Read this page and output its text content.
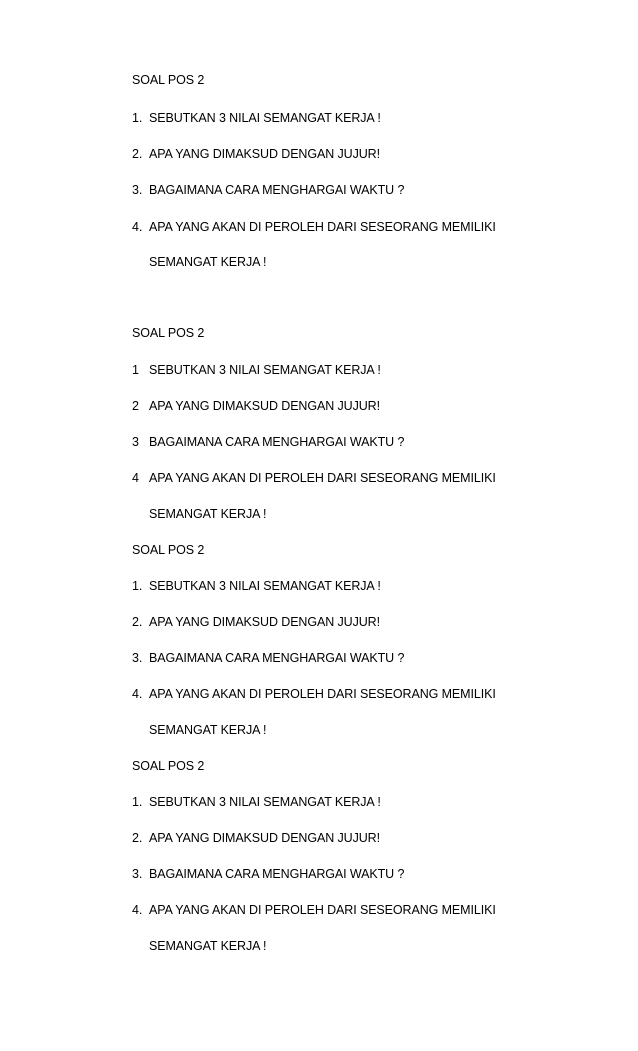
SOAL POS 2
1. SEBUTKAN 3 NILAI SEMANGAT KERJA !
2. APA YANG DIMAKSUD DENGAN JUJUR!
3. BAGAIMANA CARA MENGHARGAI WAKTU ?
4. APA YANG AKAN DI PEROLEH DARI SESEORANG MEMILIKI
SEMANGAT KERJA !
SOAL POS 2
1 SEBUTKAN 3 NILAI SEMANGAT KERJA !
2 APA YANG DIMAKSUD DENGAN JUJUR!
3 BAGAIMANA CARA MENGHARGAI WAKTU ?
4 APA YANG AKAN DI PEROLEH DARI SESEORANG MEMILIKI
SEMANGAT KERJA !
SOAL POS 2
1. SEBUTKAN 3 NILAI SEMANGAT KERJA !
2. APA YANG DIMAKSUD DENGAN JUJUR!
3. BAGAIMANA CARA MENGHARGAI WAKTU ?
4. APA YANG AKAN DI PEROLEH DARI SESEORANG MEMILIKI
SEMANGAT KERJA !
SOAL POS 2
1. SEBUTKAN 3 NILAI SEMANGAT KERJA !
2. APA YANG DIMAKSUD DENGAN JUJUR!
3. BAGAIMANA CARA MENGHARGAI WAKTU ?
4. APA YANG AKAN DI PEROLEH DARI SESEORANG MEMILIKI
SEMANGAT KERJA !
